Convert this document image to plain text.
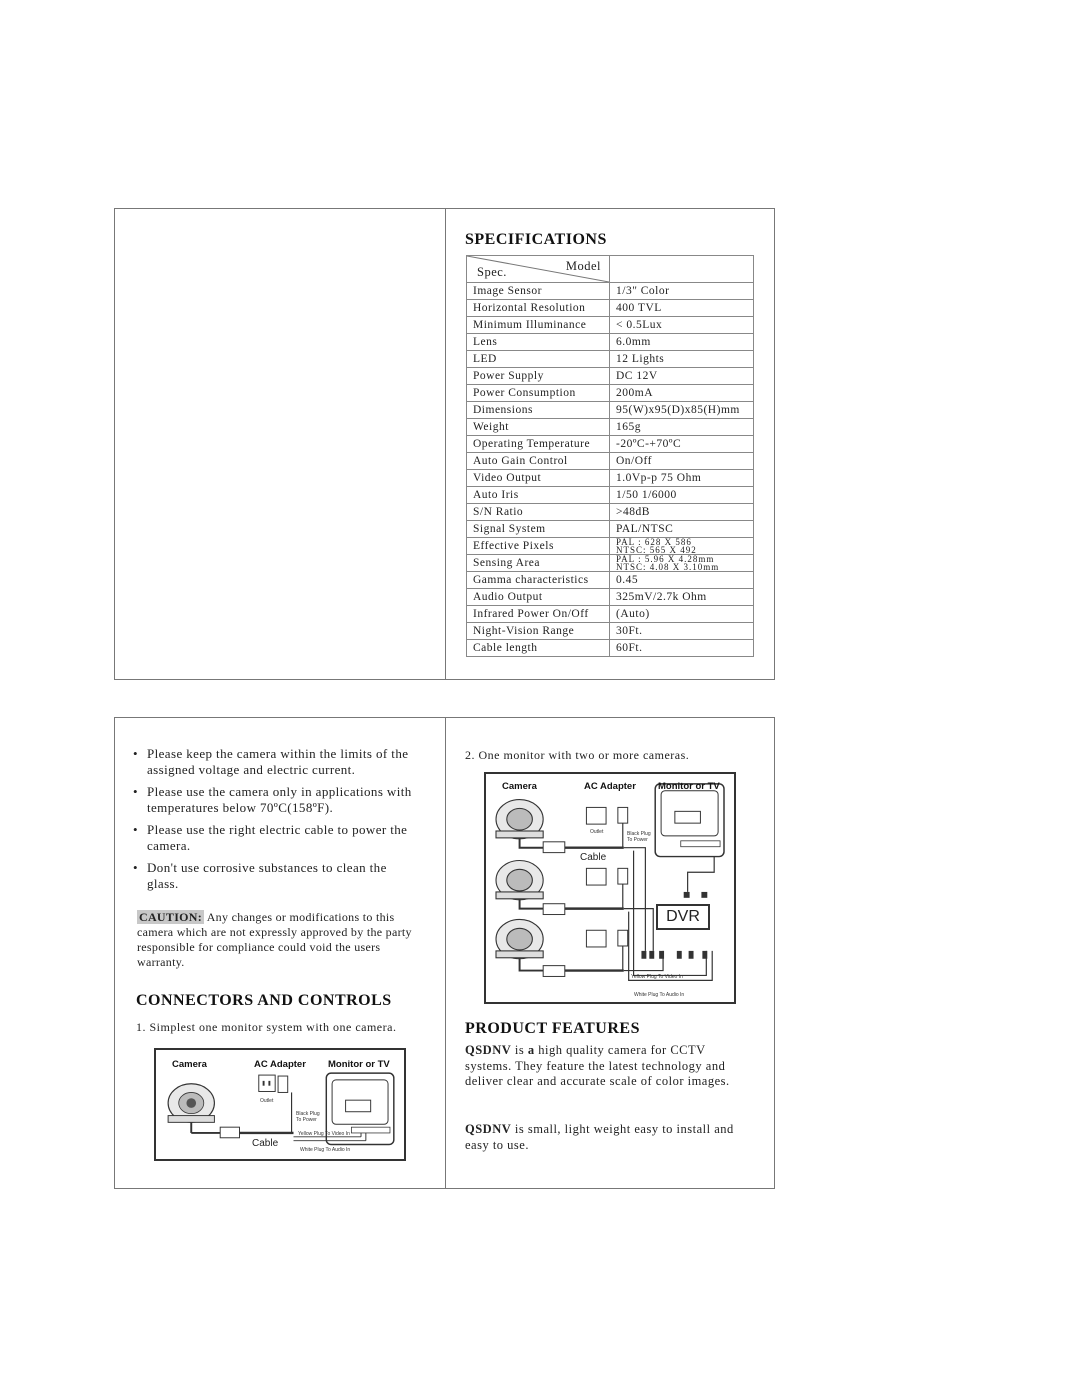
SPECIFICATIONS
Model
Spec.	

Image Sensor	1/3" Color
Horizontal Resolution	400 TVL
Minimum Illuminance	< 0.5Lux
Lens	6.0mm
LED	12 Lights
Power Supply	DC 12V
Power Consumption	200mA
Dimensions	95(W)x95(D)x85(H)mm
Weight	165g
Operating Temperature	-20ºC-+70ºC
Auto Gain Control	On/Off
Video Output	1.0Vp-p 75 Ohm
Auto Iris	1/50 1/6000
S/N Ratio	>48dB
Signal System	PAL/NTSC
Effective Pixels	PAL : 628 X 586
NTSC: 565 X 492

Sensing Area	PAL : 5.96 X 4.28mm
NTSC: 4.08 X 3.10mm

Gamma characteristics	0.45
Audio Output	325mV/2.7k Ohm
Infrared Power On/Off	(Auto)
Night-Vision Range	30Ft.
Cable length	60Ft.
• Please keep the camera within the limits of the assigned voltage and electric current.
• Please use the camera only in applications with temperatures below 70ºC(158ºF).
• Please use the right electric cable to power the camera.
• Don't use corrosive substances to clean the glass.
CAUTION: Any changes or modifications to this camera which are not expressly approved by the party responsible for compliance could void the users warranty.
CONNECTORS AND CONTROLS
1. Simplest one monitor system with one camera.
Camera	AC Adapter Monitor or TV
Outlet
Black Plug
To Power
Yellow Plug To Video In
White Plug To Audio In
Cable
2. One monitor with two or more cameras.
Camera	AC Adapter Monitor or TV
Outlet	Black Plug
To Power
Cable
DVR
Yellow Plug To Video In
White Plug To Audio In
PRODUCT FEATURES
QSDNV is a high quality camera for CCTV systems. They feature the latest technology and deliver clear and accurate scale of color images.
QSDNV is small, light weight easy to install and easy to use.
